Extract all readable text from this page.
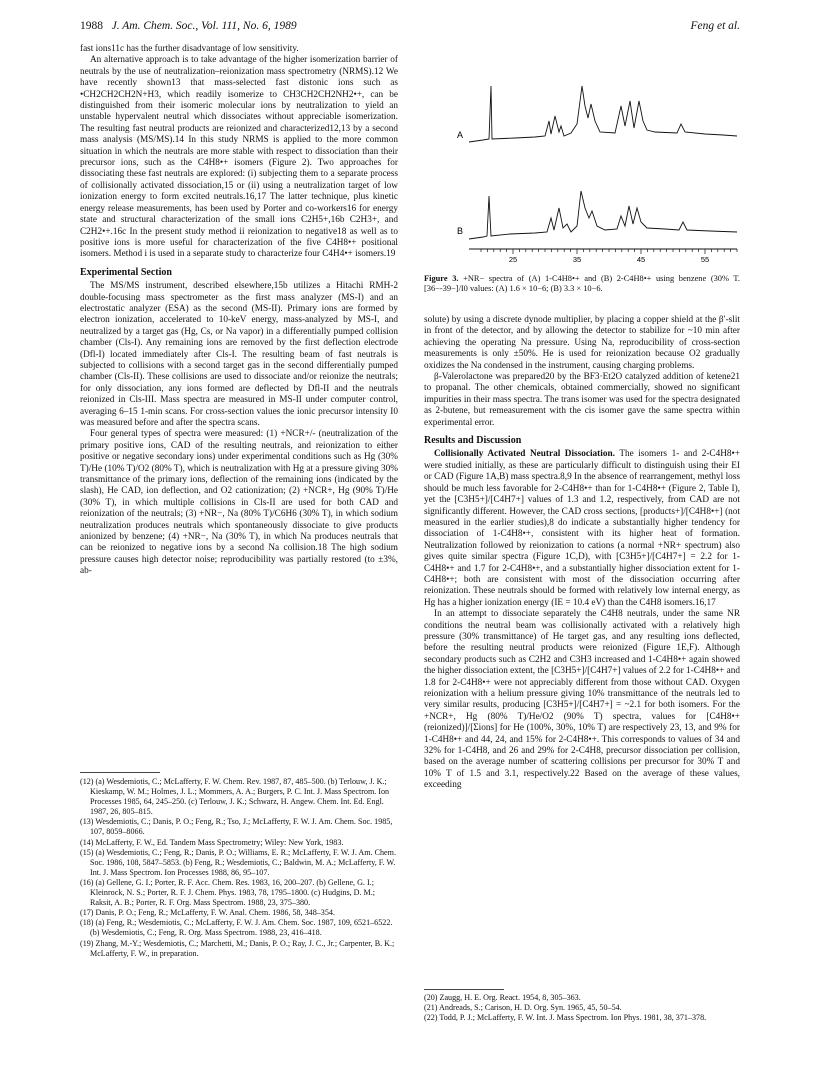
1988 J. Am. Chem. Soc., Vol. 111, No. 6, 1989	Feng et al.

fast ions11c has the further disadvantage of low sensitivity.

An alternative approach is to take advantage of the higher isomerization barrier of neutrals by the use of neutralization–reionization mass spectrometry (NRMS).12 We have recently shown13 that mass-selected fast distonic ions such as •CH2CH2CH2N+H3, which readily isomerize to CH3CH2CH2NH2•+, can be distinguished from their isomeric molecular ions by neutralization to yield an unstable hypervalent neutral which dissociates without appreciable isomerization. The resulting fast neutral products are reionized and characterized12,13 by a second mass analysis (MS/MS).14 In this study NRMS is applied to the more common situation in which the neutrals are more stable with respect to dissociation than their precursor ions, such as the C4H8•+ isomers (Figure 2). Two approaches for dissociating these fast neutrals are explored: (i) subjecting them to a separate process of collisionally activated dissociation,15 or (ii) using a neutralization target of low ionization energy to form excited neutrals.16,17 The latter technique, plus kinetic energy release measurements, has been used by Porter and co-workers16 for energy state and structural characterization of the small ions C2H5+,16b C2H3+, and C2H2•+.16c In the present study method ii reionization to negative18 as well as to positive ions is more useful for characterization of the five C4H8•+ positional isomers. Method i is used in a separate study to characterize four C4H4•+ isomers.19

Experimental Section

The MS/MS instrument, described elsewhere,15b utilizes a Hitachi RMH-2 double-focusing mass spectrometer as the first mass analyzer (MS-I) and an electrostatic analyzer (ESA) as the second (MS-II). Primary ions are formed by electron ionization, accelerated to 10-keV energy, mass-analyzed by MS-I, and neutralized by a target gas (Hg, Cs, or Na vapor) in a differentially pumped collision chamber (Cls-I). Any remaining ions are removed by the first deflection electrode (Dfl-I) located immediately after Cls-I. The resulting beam of fast neutrals is subjected to collisions with a second target gas in the second differentially pumped chamber (Cls-II). These collisions are used to dissociate and/or reionize the neutrals; for only dissociation, any ions formed are deflected by Dfl-II and the neutrals reionized in Cls-III. Mass spectra are measured in MS-II under computer control, averaging 6–15 1-min scans. For cross-section values the ionic precursor intensity I0 was measured before and after the spectra scans.

Four general types of spectra were measured: (1) +NCR+/- (neutralization of the primary positive ions, CAD of the resulting neutrals, and reionization to either positive or negative secondary ions) under experimental conditions such as Hg (30% T)/He (10% T)/O2 (80% T), which is neutralization with Hg at a pressure giving 30% transmittance of the primary ions, deflection of the remaining ions (indicated by the slash), He CAD, ion deflection, and O2 cationization; (2) +NCR+, Hg (90% T)/He (30% T), in which multiple collisions in Cls-II are used for both CAD and reionization of the neutrals; (3) +NR−, Na (80% T)/C6H6 (30% T), in which sodium neutralization produces neutrals which spontaneously dissociate to give products anionized by benzene; (4) +NR−, Na (30% T), in which Na produces neutrals that can be reionized to negative ions by a second Na collision.18 The high sodium pressure causes high detector noise; reproducibility was partially restored (to ±3%, ab-

(12) (a) Wesdemiotis, C.; McLafferty, F. W. Chem. Rev. 1987, 87, 485–500. (b) Terlouw, J. K.; Kieskamp, W. M.; Holmes, J. L.; Mommers, A. A.; Burgers, P. C. Int. J. Mass Spectrom. Ion Processes 1985, 64, 245–250. (c) Terlouw, J. K.; Schwarz, H. Angew. Chem. Int. Ed. Engl. 1987, 26, 805–815.

(13) Wesdemiotis, C.; Danis, P. O.; Feng, R.; Tso, J.; McLafferty, F. W. J. Am. Chem. Soc. 1985, 107, 8059–8066.

(14) McLafferty, F. W., Ed. Tandem Mass Spectrometry; Wiley: New York, 1983.

(15) (a) Wesdemiotis, C.; Feng, R.; Danis, P. O.; Williams, E. R.; McLafferty, F. W. J. Am. Chem. Soc. 1986, 108, 5847–5853. (b) Feng, R.; Wesdemiotis, C.; Baldwin, M. A.; McLafferty, F. W. Int. J. Mass Spectrom. Ion Processes 1988, 86, 95–107.

(16) (a) Gellene, G. I.; Porter, R. F. Acc. Chem. Res. 1983, 16, 200–207. (b) Gellene, G. I.; Kleinrock, N. S.; Porter, R. F. J. Chem. Phys. 1983, 78, 1795–1800. (c) Hudgins, D. M.; Raksit, A. B.; Porter, R. F. Org. Mass Spectrom. 1988, 23, 375–380.

(17) Danis, P. O.; Feng, R.; McLafferty, F. W. Anal. Chem. 1986, 58, 348–354.

(18) (a) Feng, R.; Wesdemiotis, C.; McLafferty, F. W. J. Am. Chem. Soc. 1987, 109, 6521–6522. (b) Wesdemiotis, C.; Feng, R. Org. Mass Spectrom. 1988, 23, 416–418.

(19) Zhang, M.-Y.; Wesdemiotis, C.; Marchetti, M.; Danis, P. O.; Ray, J. C., Jr.; Carpenter, B. K.; McLafferty, F. W., in preparation.

A
B
25	35	45	55
Figure 3. +NR− spectra of (A) 1-C4H8•+ and (B) 2-C4H8•+ using benzene (30% T. [36−-39−]/I0 values: (A) 1.6 × 10−6; (B) 3.3 × 10−6.

solute) by using a discrete dynode multiplier, by placing a copper shield at the β′-slit in front of the detector, and by allowing the detector to stabilize for ~10 min after achieving the operating Na pressure. Using Na, reproducibility of cross-section measurements is only ±50%. He is used for reionization because O2 gradually oxidizes the Na condensed in the instrument, causing charging problems.

β-Valerolactone was prepared20 by the BF3·Et2O catalyzed addition of ketene21 to propanal. The other chemicals, obtained commercially, showed no significant impurities in their mass spectra. The trans isomer was used for the spectra designated as 2-butene, but remeasurement with the cis isomer gave the same spectra within experimental error.

Results and Discussion

Collisionally Activated Neutral Dissociation. The isomers 1- and 2-C4H8•+ were studied initially, as these are particularly difficult to distinguish using their EI or CAD (Figure 1A,B) mass spectra.8,9 In the absence of rearrangement, methyl loss should be much less favorable for 2-C4H8•+ than for 1-C4H8•+ (Figure 2, Table I), yet the [C3H5+]/[C4H7+] values of 1.3 and 1.2, respectively, from CAD are not significantly different. However, the CAD cross sections, [products+]/[C4H8•+] (not measured in the earlier studies),8 do indicate a substantially higher tendency for dissociation of 1-C4H8•+, consistent with its higher heat of formation. Neutralization followed by reionization to cations (a normal +NR+ spectrum) also gives quite similar spectra (Figure 1C,D), with [C3H5+]/[C4H7+] = 2.2 for 1-C4H8•+ and 1.7 for 2-C4H8•+, and a substantially higher dissociation extent for 1-C4H8•+; both are consistent with most of the dissociation occurring after reionization. These neutrals should be formed with relatively low internal energy, as Hg has a higher ionization energy (IE = 10.4 eV) than the C4H8 isomers.16,17

In an attempt to dissociate separately the C4H8 neutrals, under the same NR conditions the neutral beam was collisionally activated with a relatively high pressure (30% transmittance) of He target gas, and any resulting ions deflected, before the resulting neutral products were reionized (Figure 1E,F). Although secondary products such as C2H2 and C3H3 increased and 1-C4H8•+ again showed the higher dissociation extent, the [C3H5+]/[C4H7+] values of 2.2 for 1-C4H8•+ and 1.8 for 2-C4H8•+ were not appreciably different from those without CAD. Oxygen reionization with a helium pressure giving 10% transmittance of the neutrals led to very similar results, producing [C3H5+]/[C4H7+] = ~2.1 for both isomers. For the +NCR+, Hg (80% T)/He/O2 (90% T) spectra, values for [C4H8•+ (reionized)]/[Σions] for He (100%, 30%, 10% T) are respectively 23, 13, and 9% for 1-C4H8•+ and 44, 24, and 15% for 2-C4H8•+. This corresponds to values of 34 and 32% for 1-C4H8, and 26 and 29% for 2-C4H8, precursor dissociation per collision, based on the average number of scattering collisions per precursor for 30% T and 10% T of 1.5 and 3.1, respectively.22 Based on the average of these values, exceeding

(20) Zaugg, H. E. Org. React. 1954, 8, 305–363.

(21) Andreads, S.; Carison, H. D. Org. Syn. 1965, 45, 50–54.

(22) Todd, P. J.; McLafferty, F. W. Int. J. Mass Spectrom. Ion Phys. 1981, 38, 371–378.
